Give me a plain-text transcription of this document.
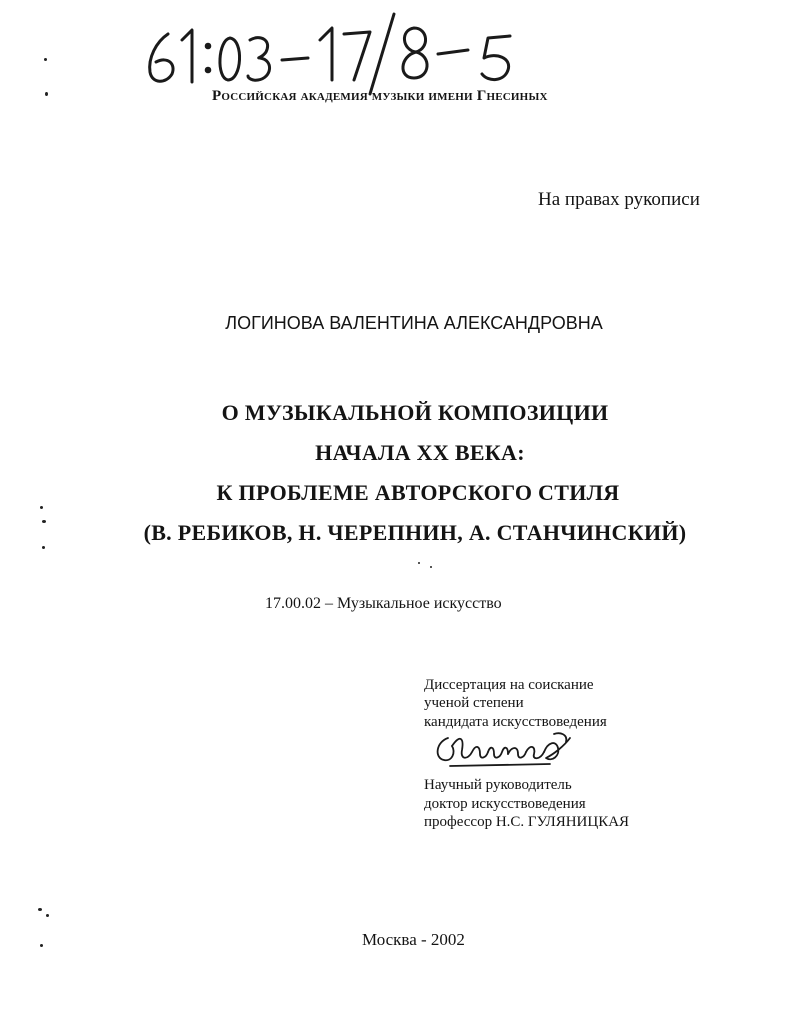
Российская академия музыки имени Гнесиных
На правах рукописи
ЛОГИНОВА ВАЛЕНТИНА АЛЕКСАНДРОВНА
О МУЗЫКАЛЬНОЙ КОМПОЗИЦИИ
НАЧАЛА XX ВЕКА:
К ПРОБЛЕМЕ АВТОРСКОГО СТИЛЯ
(В. РЕБИКОВ, Н. ЧЕРЕПНИН, А. СТАНЧИНСКИЙ)
17.00.02 – Музыкальное искусство
Диссертация на соискание
ученой степени
кандидата искусствоведения
Научный руководитель
доктор искусствоведения
профессор Н.С. ГУЛЯНИЦКАЯ
Москва - 2002
